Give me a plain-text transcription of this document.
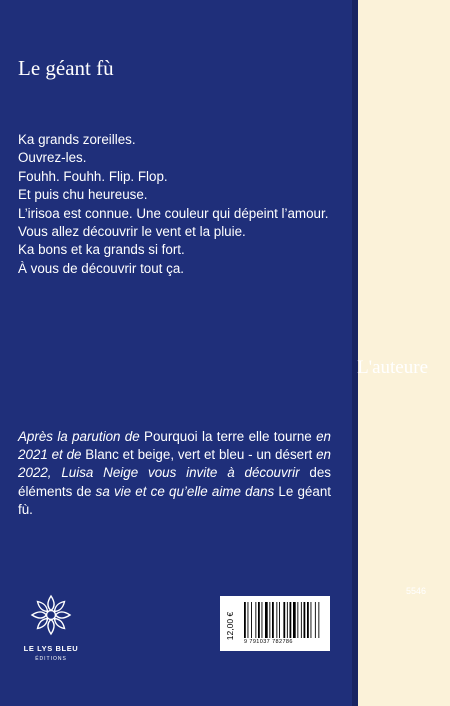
Le géant fù
Ka grands zoreilles.
Ouvrez-les.
Fouhh. Fouhh. Flip. Flop.
Et puis chu heureuse.
L’irisoa est connue. Une couleur qui dépeint l’amour.
Vous allez découvrir le vent et la pluie.
Ka bons et ka grands si fort.
À vous de découvrir tout ça.
L'auteure
Après la parution de Pourquoi la terre elle tourne en 2021 et de Blanc et beige, vert et bleu - un désert en 2022, Luisa Neige vous invite à découvrir des éléments de sa vie et ce qu’elle aime dans Le géant fù.
LE LYS BLEU
ÉDITIONS
5546
12,00 €
9 791037 782786
